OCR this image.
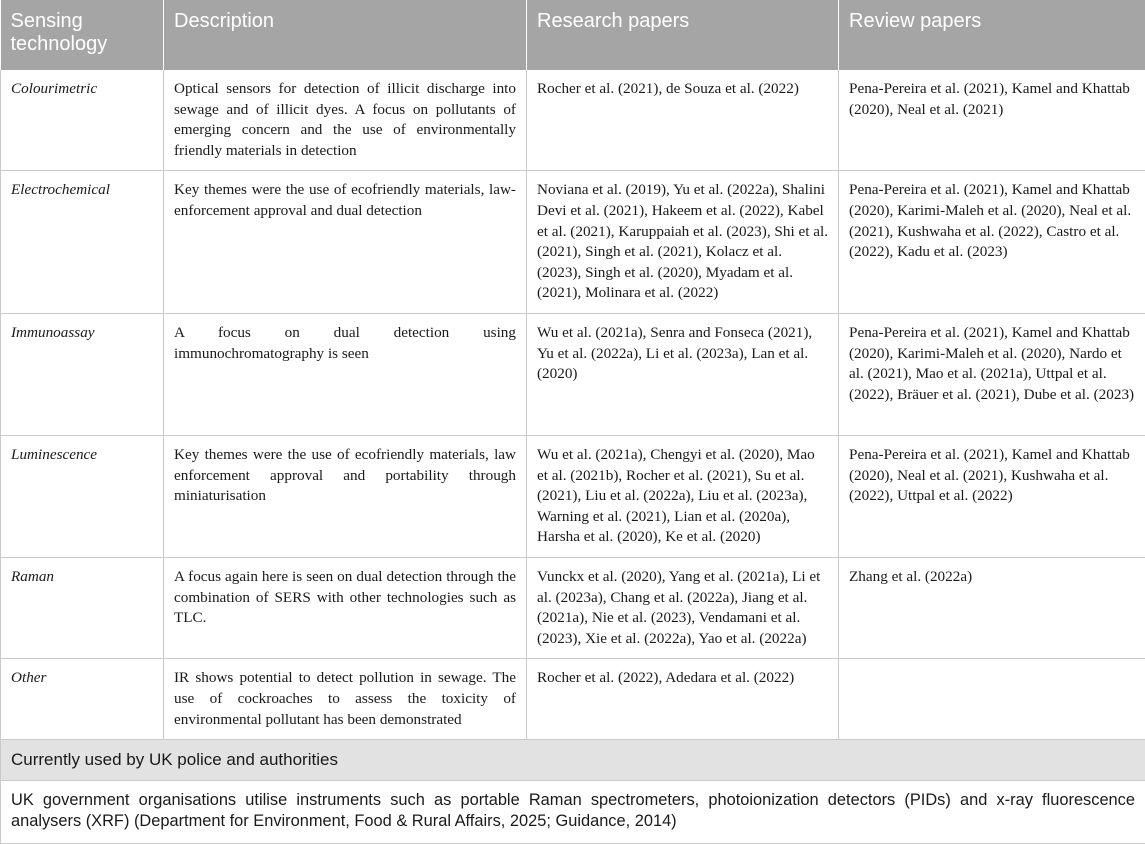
Sensing technology	Description	Research papers	Review papers
Colourimetric	Optical sensors for detection of illicit discharge into sewage and of illicit dyes. A focus on pollutants of emerging concern and the use of environmentally friendly materials in detection	Rocher et al. (2021), de Souza et al. (2022)	Pena-Pereira et al. (2021), Kamel and Khattab (2020), Neal et al. (2021)
Electrochemical	Key themes were the use of ecofriendly materials, law-enforcement approval and dual detection	Noviana et al. (2019), Yu et al. (2022a), Shalini Devi et al. (2021), Hakeem et al. (2022), Kabel et al. (2021), Karuppaiah et al. (2023), Shi et al. (2021), Singh et al. (2021), Kolacz et al. (2023), Singh et al. (2020), Myadam et al. (2021), Molinara et al. (2022)	Pena-Pereira et al. (2021), Kamel and Khattab (2020), Karimi-Maleh et al. (2020), Neal et al. (2021), Kushwaha et al. (2022), Castro et al. (2022), Kadu et al. (2023)
Immunoassay	A focus on dual detection using immunochromatography is seen	Wu et al. (2021a), Senra and Fonseca (2021), Yu et al. (2022a), Li et al. (2023a), Lan et al. (2020)	Pena-Pereira et al. (2021), Kamel and Khattab (2020), Karimi-Maleh et al. (2020), Nardo et al. (2021), Mao et al. (2021a), Uttpal et al. (2022), Bräuer et al. (2021), Dube et al. (2023)
Luminescence	Key themes were the use of ecofriendly materials, law enforcement approval and portability through miniaturisation	Wu et al. (2021a), Chengyi et al. (2020), Mao et al. (2021b), Rocher et al. (2021), Su et al. (2021), Liu et al. (2022a), Liu et al. (2023a), Warning et al. (2021), Lian et al. (2020a), Harsha et al. (2020), Ke et al. (2020)	Pena-Pereira et al. (2021), Kamel and Khattab (2020), Neal et al. (2021), Kushwaha et al. (2022), Uttpal et al. (2022)
Raman	A focus again here is seen on dual detection through the combination of SERS with other technologies such as TLC.	Vunckx et al. (2020), Yang et al. (2021a), Li et al. (2023a), Chang et al. (2022a), Jiang et al. (2021a), Nie et al. (2023), Vendamani et al. (2023), Xie et al. (2022a), Yao et al. (2022a)	Zhang et al. (2022a)
Other	IR shows potential to detect pollution in sewage. The use of cockroaches to assess the toxicity of environmental pollutant has been demonstrated	Rocher et al. (2022), Adedara et al. (2022)	
Currently used by UK police and authorities			
UK government organisations utilise instruments such as portable Raman spectrometers, photoionization detectors (PIDs) and x-ray fluorescence analysers (XRF) (Department for Environment, Food & Rural Affairs, 2025; Guidance, 2014)			
